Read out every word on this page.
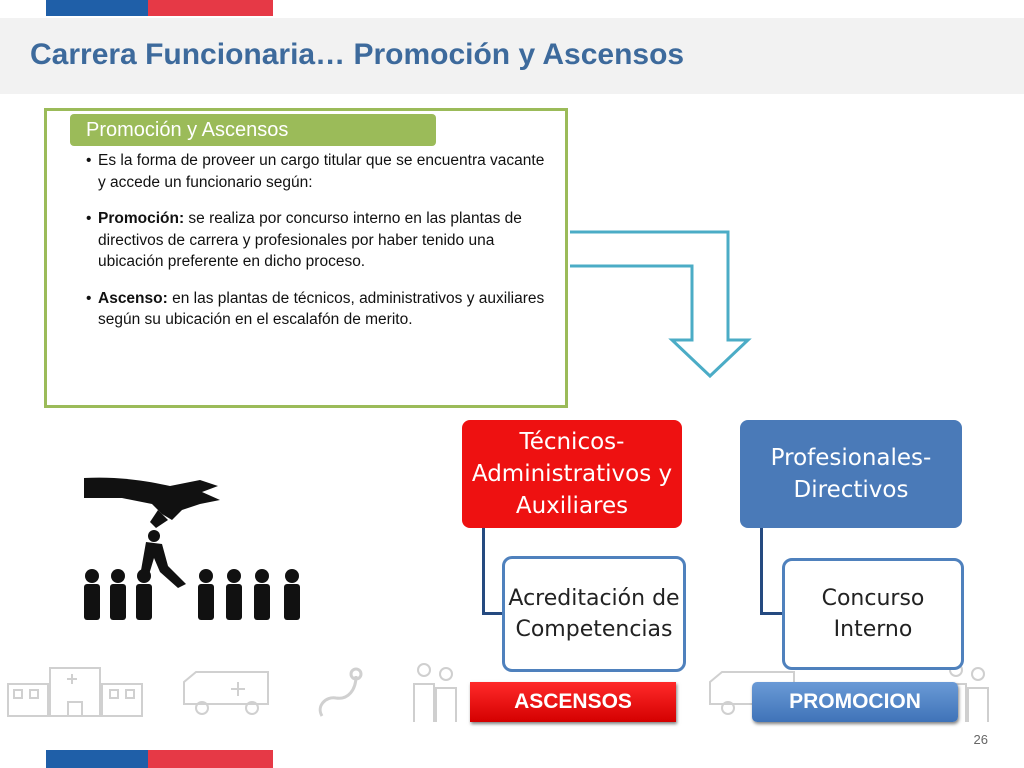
Carrera Funcionaria… Promoción y Ascensos
Promoción y Ascensos
• Es la forma de proveer un cargo titular que se encuentra vacante y accede un funcionario según:
• Promoción: se realiza por concurso interno en las plantas de directivos de carrera y profesionales por haber tenido una ubicación preferente en dicho proceso.
• Ascenso: en las plantas de técnicos, administrativos y auxiliares según su ubicación en el escalafón de merito.
Técnicos-Administrativos y Auxiliares
Acreditación de Competencias
ASCENSOS
Profesionales-Directivos
Concurso Interno
PROMOCION
26
